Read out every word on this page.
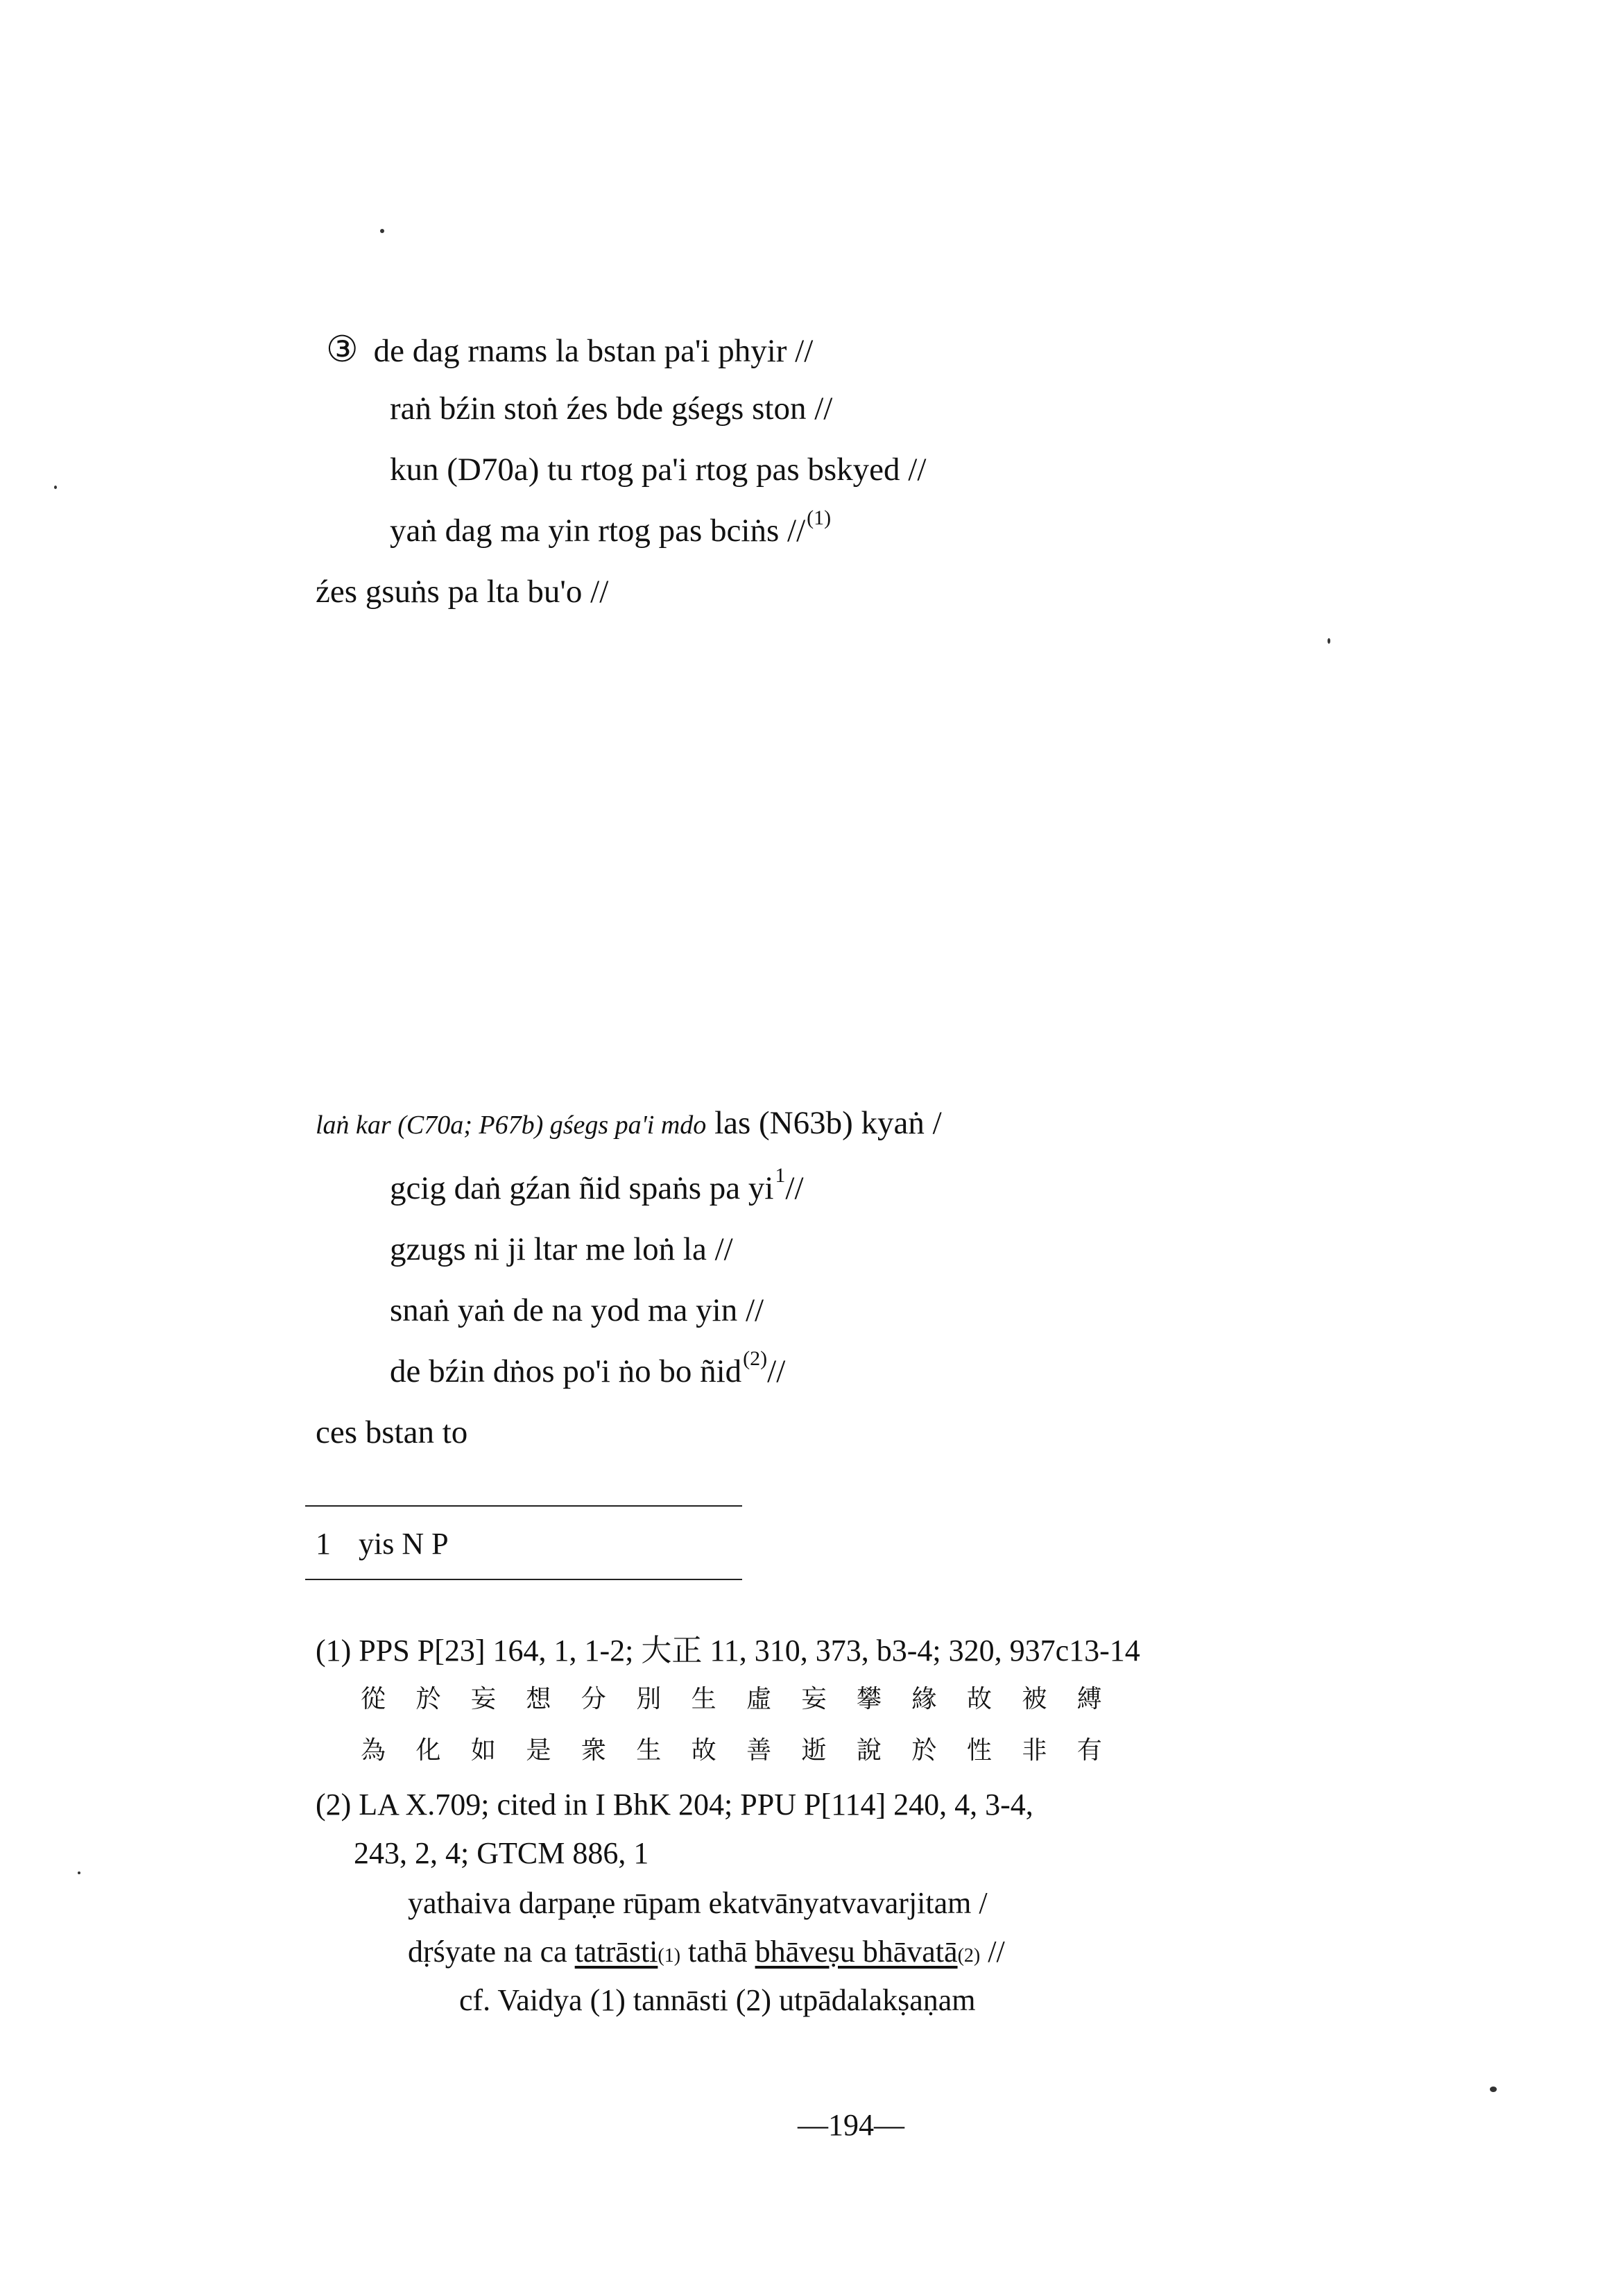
③ de dag rnams la bstan pa'i phyir //
raṅ bźin stoṅ źes bde gśegs ston //
kun (D70a) tu rtog pa'i rtog pas bskyed //
yaṅ dag ma yin rtog pas bciṅs //$^{(1)}$
źes gsuṅs pa lta bu'o //
laṅ kar (C70a; P67b) gśegs pa'i mdo las (N63b) kyaṅ /
gcig daṅ gźan ñid spaṅs pa yi$^1$//
gzugs ni ji ltar me loṅ la //
snaṅ yaṅ de na yod ma yin //
de bźin dṅos po'i ṅo bo ñid$^{(2)}$//
ces bstan to
1 yis N P
(1) PPS P[23] 164, 1, 1-2; 大正 11, 310, 373, b3-4; 320, 937c13-14
從 於 妄 想 分 別 生 虛 妄 攀 緣 故 被 縛
為 化 如 是 衆 生 故 善 逝 說 於 性 非 有
(2) LA X.709; cited in I BhK 204; PPU P[114] 240, 4, 3-4,
243, 2, 4; GTCM 886, 1
yathaiva darpaṇe rūpam ekatvānyatvavarjitam /
dṛśyate na ca tatrāsti(1) tathā bhāveṣu bhāvatā(2) //
cf. Vaidya (1) tannāsti (2) utpādalakṣaṇam
—194—
